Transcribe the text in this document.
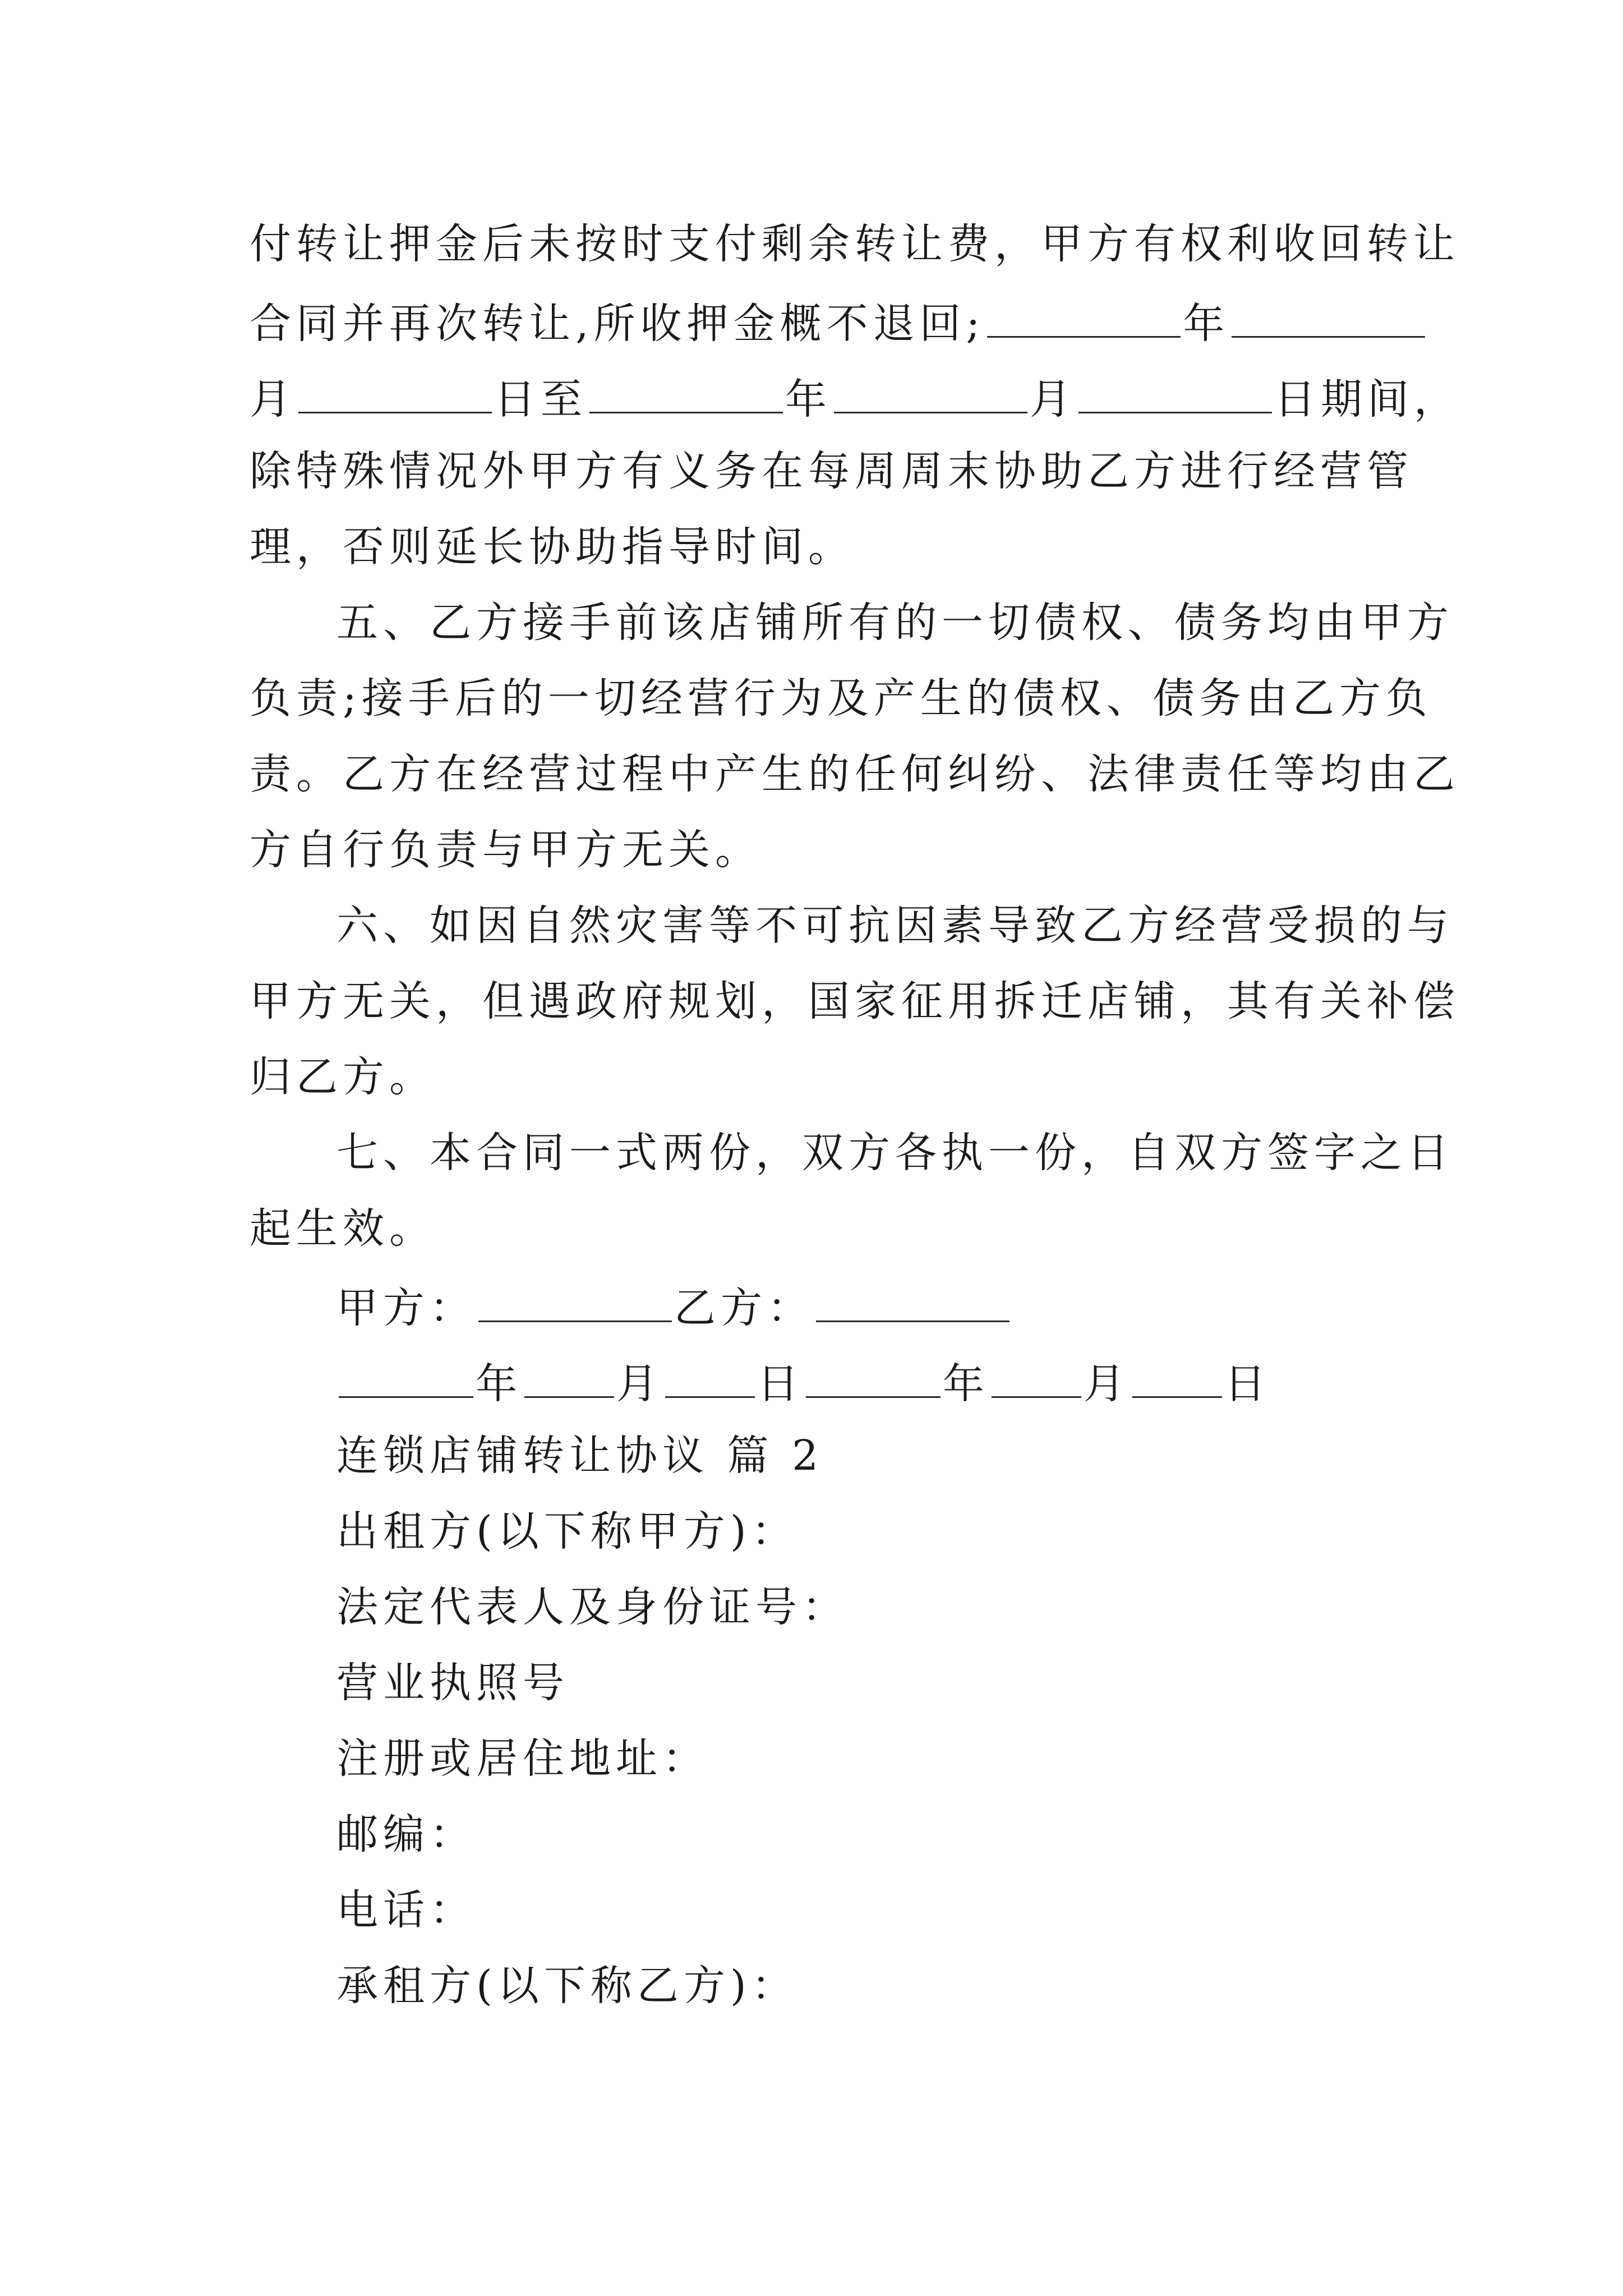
付转让押金后未按时支付剩余转让费，甲方有权利收回转让
合同并再次转让,所收押金概不退回;	年
月	日至	年	月	日期间，
除特殊情况外甲方有义务在每周周末协助乙方进行经营管
理，否则延长协助指导时间。
五、乙方接手前该店铺所有的一切债权、债务均由甲方
负责;接手后的一切经营行为及产生的债权、债务由乙方负
责。乙方在经营过程中产生的任何纠纷、法律责任等均由乙
方自行负责与甲方无关。
六、如因自然灾害等不可抗因素导致乙方经营受损的与
甲方无关，但遇政府规划，国家征用拆迁店铺，其有关补偿
归乙方。
七、本合同一式两份，双方各执一份，自双方签字之日
起生效。
甲方：	乙方：
年 月 日	年 月 日
连锁店铺转让协议 篇 2
出租方(以下称甲方)：
法定代表人及身份证号：
营业执照号
注册或居住地址：
邮编：
电话：
承租方(以下称乙方)：
